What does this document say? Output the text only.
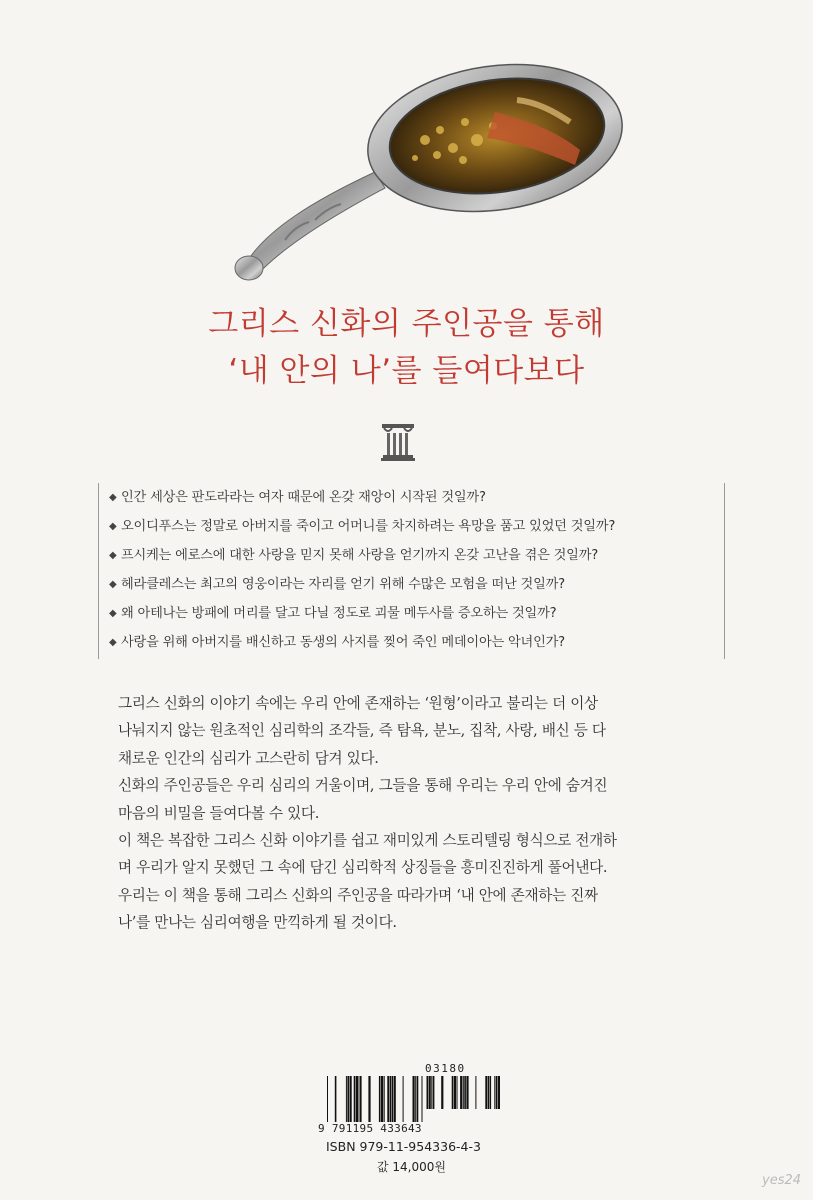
그리스 신화의 주인공을 통해
‘내 안의 나’를 들여다보다
◆ 인간 세상은 판도라라는 여자 때문에 온갖 재앙이 시작된 것일까?
◆ 오이디푸스는 정말로 아버지를 죽이고 어머니를 차지하려는 욕망을 품고 있었던 것일까?
◆ 프시케는 에로스에 대한 사랑을 믿지 못해 사랑을 얻기까지 온갖 고난을 겪은 것일까?
◆ 헤라클레스는 최고의 영웅이라는 자리를 얻기 위해 수많은 모험을 떠난 것일까?
◆ 왜 아테나는 방패에 머리를 달고 다닐 정도로 괴물 메두사를 증오하는 것일까?
◆ 사랑을 위해 아버지를 배신하고 동생의 사지를 찢어 죽인 메데이아는 악녀인가?

그리스 신화의 이야기 속에는 우리 안에 존재하는 ‘원형’이라고 불리는 더 이상

나눠지지 않는 원초적인 심리학의 조각들, 즉 탐욕, 분노, 집착, 사랑, 배신 등 다

채로운 인간의 심리가 고스란히 담겨 있다.

신화의 주인공들은 우리 심리의 거울이며, 그들을 통해 우리는 우리 안에 숨겨진

마음의 비밀을 들여다볼 수 있다.

이 책은 복잡한 그리스 신화 이야기를 쉽고 재미있게 스토리텔링 형식으로 전개하

며 우리가 알지 못했던 그 속에 담긴 심리학적 상징들을 흥미진진하게 풀어낸다.

우리는 이 책을 통해 그리스 신화의 주인공을 따라가며 ‘내 안에 존재하는 진짜

나’를 만나는 심리여행을 만끽하게 될 것이다.

03180
9 791195 433643
ISBN 979-11-954336-4-3
값 14,000원
yes24
